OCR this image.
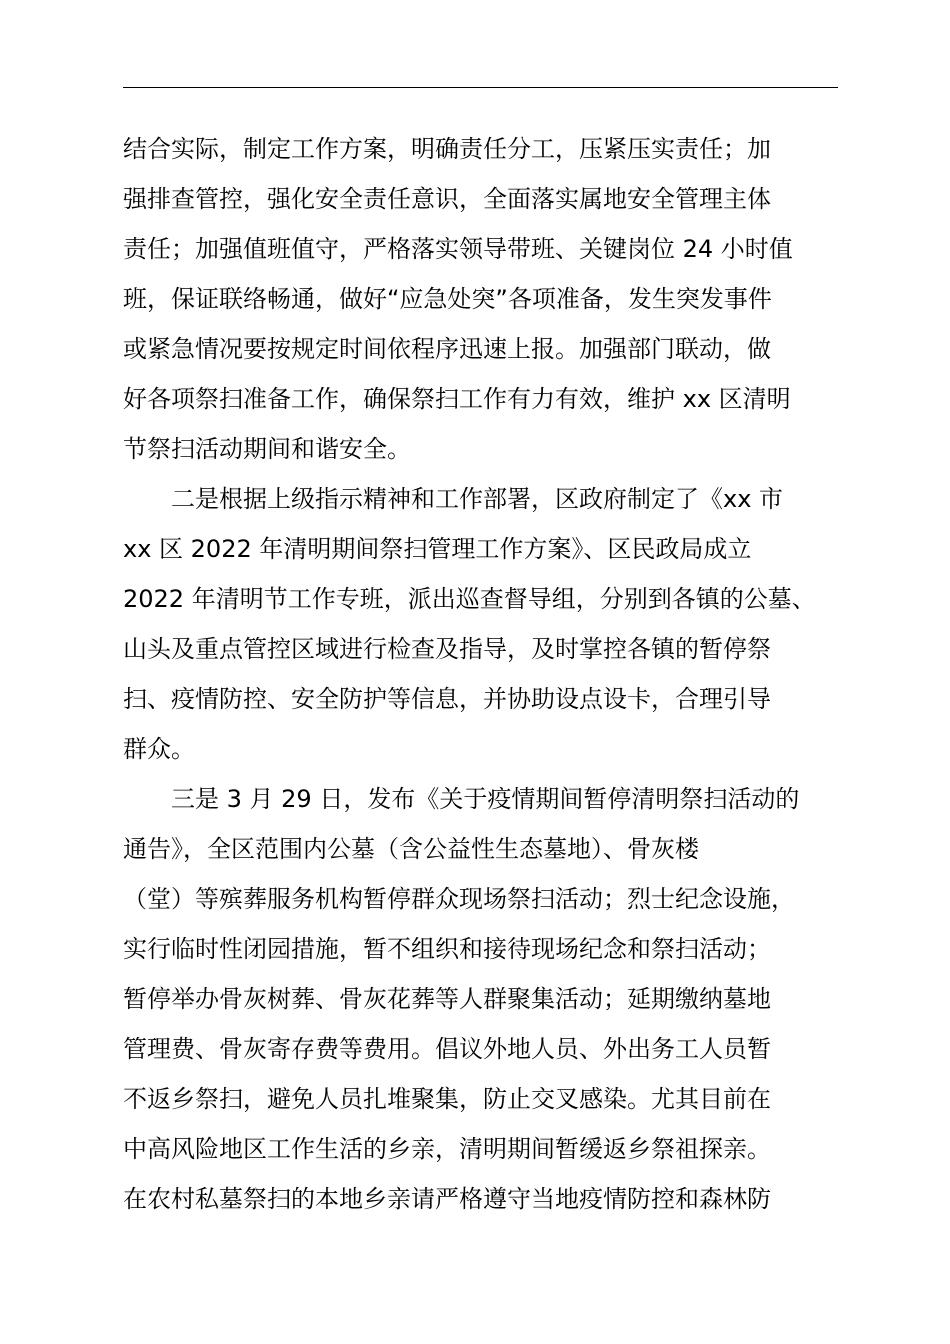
结合实际，制定工作方案，明确责任分工，压紧压实责任；加
强排查管控，强化安全责任意识，全面落实属地安全管理主体
责任；加强值班值守，严格落实领导带班、关键岗位 24 小时值
班，保证联络畅通，做好“应急处突”各项准备，发生突发事件
或紧急情况要按规定时间依程序迅速上报。加强部门联动，做
好各项祭扫准备工作，确保祭扫工作有力有效，维护 xx 区清明
节祭扫活动期间和谐安全。
二是根据上级指示精神和工作部署，区政府制定了《xx 市
xx 区 2022 年清明期间祭扫管理工作方案》、区民政局成立
2022 年清明节工作专班，派出巡查督导组，分别到各镇的公墓、
山头及重点管控区域进行检查及指导，及时掌控各镇的暂停祭
扫、疫情防控、安全防护等信息，并协助设点设卡，合理引导
群众。
三是 3 月 29 日，发布《关于疫情期间暂停清明祭扫活动的
通告》，全区范围内公墓（含公益性生态墓地）、骨灰楼
（堂）等殡葬服务机构暂停群众现场祭扫活动；烈士纪念设施，
实行临时性闭园措施，暂不组织和接待现场纪念和祭扫活动；
暂停举办骨灰树葬、骨灰花葬等人群聚集活动；延期缴纳墓地
管理费、骨灰寄存费等费用。倡议外地人员、外出务工人员暂
不返乡祭扫，避免人员扎堆聚集，防止交叉感染。尤其目前在
中高风险地区工作生活的乡亲，清明期间暂缓返乡祭祖探亲。
在农村私墓祭扫的本地乡亲请严格遵守当地疫情防控和森林防
